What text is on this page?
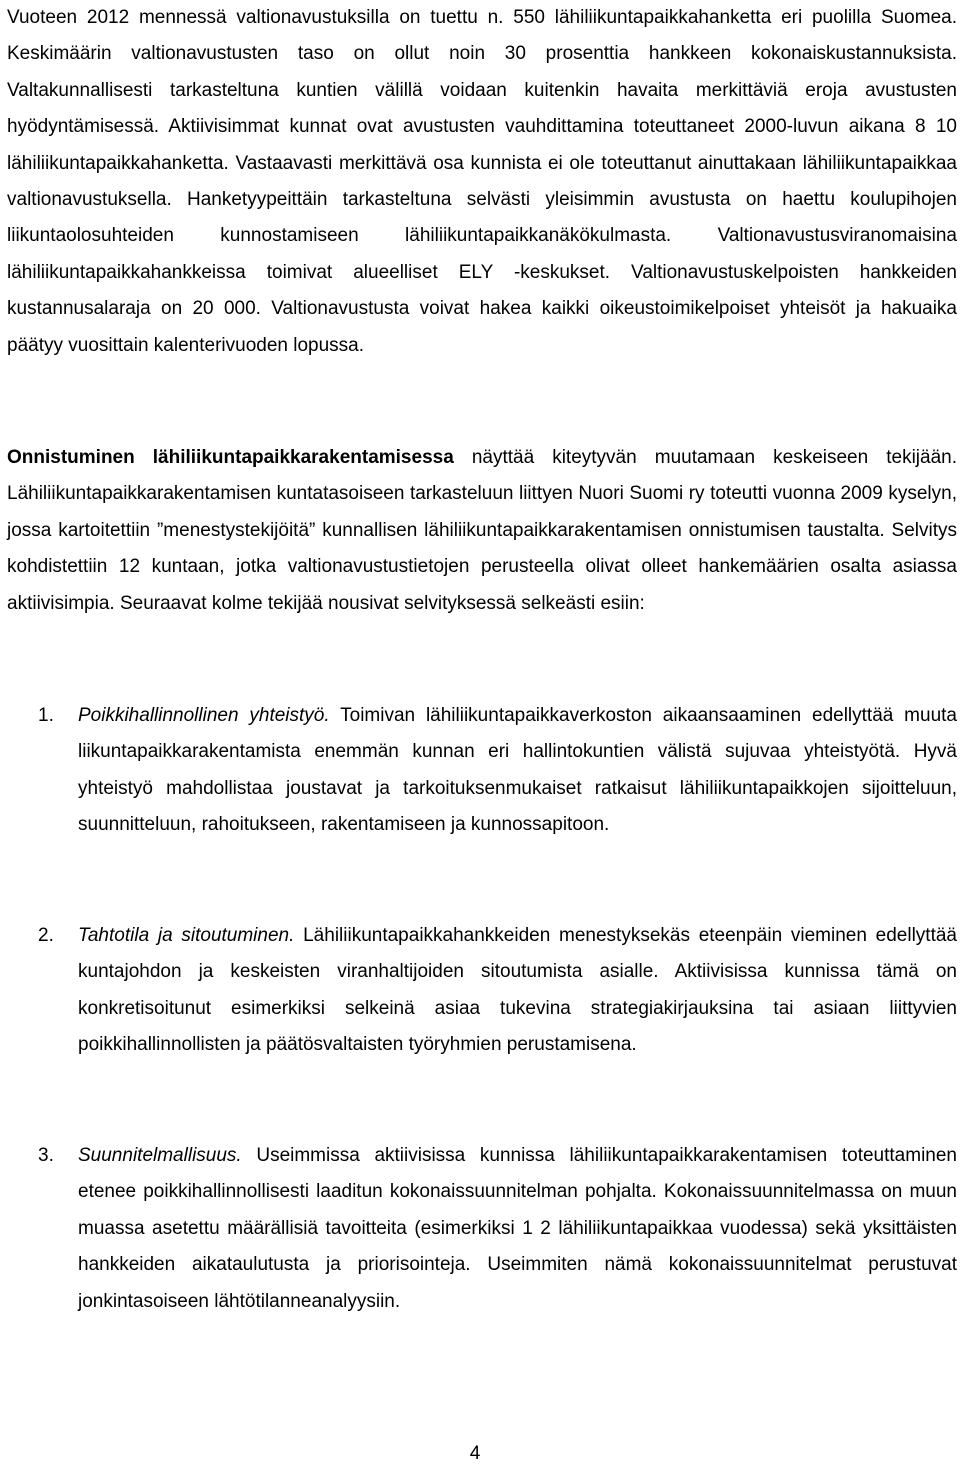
Vuoteen 2012 mennessä valtionavustuksilla on tuettu n. 550 lähiliikuntapaikkahanketta eri puolilla Suomea. Keskimäärin valtionavustusten taso on ollut noin 30 prosenttia hankkeen kokonaiskustannuksista. Valtakunnallisesti tarkasteltuna kuntien välillä voidaan kuitenkin havaita merkittäviä eroja avustusten hyödyntämisessä. Aktiivisimmat kunnat ovat avustusten vauhdittamina toteuttaneet 2000-luvun aikana 8 10 lähiliikuntapaikkahanketta. Vastaavasti merkittävä osa kunnista ei ole toteuttanut ainuttakaan lähiliikuntapaikkaa valtionavustuksella. Hanketyypeittäin tarkasteltuna selvästi yleisimmin avustusta on haettu koulupihojen liikuntaolosuhteiden kunnostamiseen lähiliikuntapaikkanäkökulmasta. Valtionavustusviranomaisina lähiliikuntapaikkahankkeissa toimivat alueelliset ELY -keskukset. Valtionavustuskelpoisten hankkeiden kustannusalaraja on 20 000. Valtionavustusta voivat hakea kaikki oikeustoimikelpoiset yhteisöt ja hakuaika päätyy vuosittain kalenterivuoden lopussa.

Onnistuminen lähiliikuntapaikkarakentamisessa näyttää kiteytyvän muutamaan keskeiseen tekijään. Lähiliikuntapaikkarakentamisen kuntatasoiseen tarkasteluun liittyen Nuori Suomi ry toteutti vuonna 2009 kyselyn, jossa kartoitettiin ”menestystekijöitä” kunnallisen lähiliikuntapaikkarakentamisen onnistumisen taustalta. Selvitys kohdistettiin 12 kuntaan, jotka valtionavustustietojen perusteella olivat olleet hankemäärien osalta asiassa aktiivisimpia. Seuraavat kolme tekijää nousivat selvityksessä selkeästi esiin:

1.	Poikkihallinnollinen yhteistyö. Toimivan lähiliikuntapaikkaverkoston aikaansaaminen edellyttää muuta liikuntapaikkarakentamista enemmän kunnan eri hallintokuntien välistä sujuvaa yhteistyötä. Hyvä yhteistyö mahdollistaa joustavat ja tarkoituksenmukaiset ratkaisut lähiliikuntapaikkojen sijoitteluun, suunnitteluun, rahoitukseen, rakentamiseen ja kunnossapitoon.

2.	Tahtotila ja sitoutuminen. Lähiliikuntapaikkahankkeiden menestyksekäs eteenpäin vieminen edellyttää kuntajohdon ja keskeisten viranhaltijoiden sitoutumista asialle. Aktiivisissa kunnissa tämä on konkretisoitunut esimerkiksi selkeinä asiaa tukevina strategiakirjauksina tai asiaan liittyvien poikkihallinnollisten ja päätösvaltaisten työryhmien perustamisena.

3.	Suunnitelmallisuus. Useimmissa aktiivisissa kunnissa lähiliikuntapaikkarakentamisen toteuttaminen etenee poikkihallinnollisesti laaditun kokonaissuunnitelman pohjalta. Kokonaissuunnitelmassa on muun muassa asetettu määrällisiä tavoitteita (esimerkiksi 1 2 lähiliikuntapaikkaa vuodessa) sekä yksittäisten hankkeiden aikataulutusta ja priorisointeja. Useimmiten nämä kokonaissuunnitelmat perustuvat jonkintasoiseen lähtötilanneanalyysiin.

4
